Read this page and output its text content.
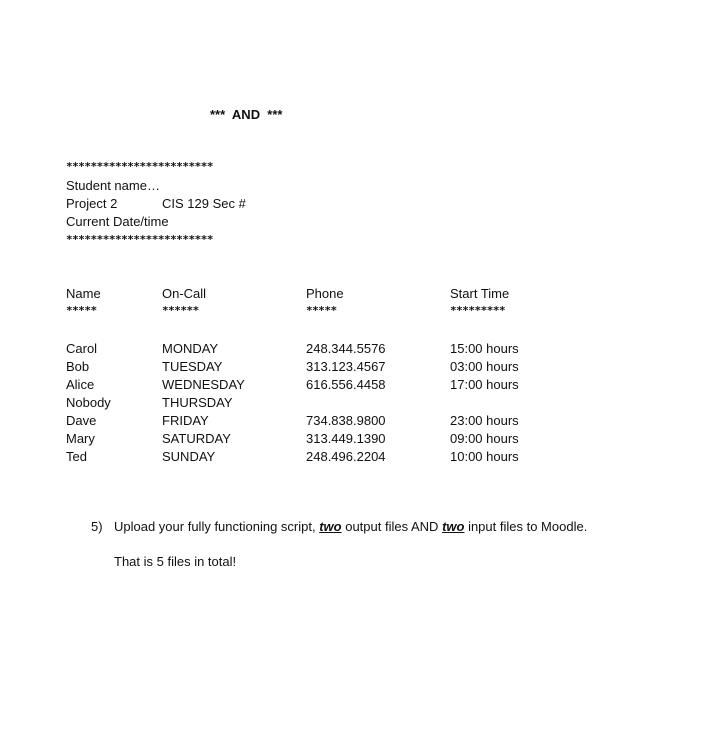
***  AND  ***
************************
Student name…
Project 2	CIS 129 Sec #
Current Date/time
************************
Name	On-Call	Phone	Start Time
*****	******	*****	*********
Carol	MONDAY	248.344.5576	15:00 hours
Bob	TUESDAY	313.123.4567	03:00 hours
Alice	WEDNESDAY	616.556.4458	17:00 hours
Nobody	THURSDAY
Dave	FRIDAY	734.838.9800	23:00 hours
Mary	SATURDAY	313.449.1390	09:00 hours
Ted	SUNDAY	248.496.2204	10:00 hours
5) Upload your fully functioning script, two output files AND two input files to Moodle.
That is 5 files in total!
